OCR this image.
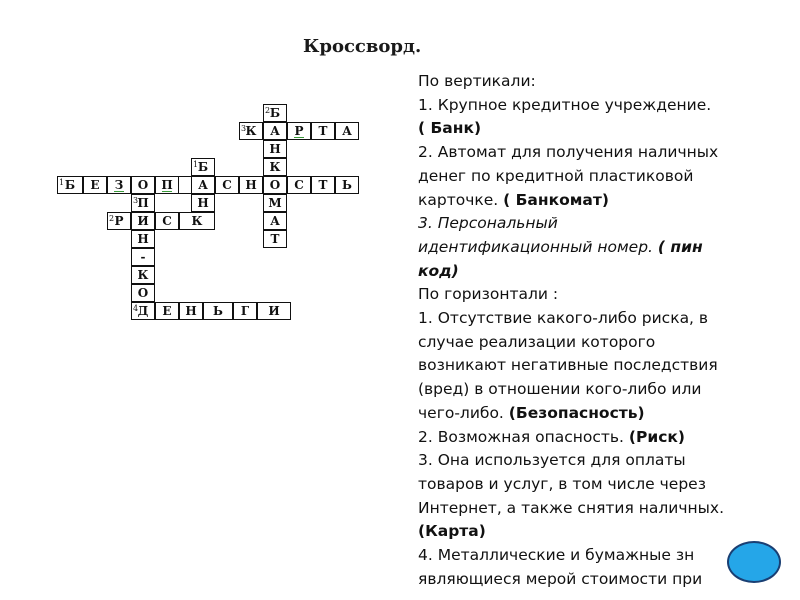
Кроссворд.
2 Б
3 К	А	Р	Т	А
Н
1 Б	К
1 Б	Е	З	О	П	А	С	Н	О	С	Т	Ь
3 П	Н	М
2 Р	И	С	К	А
Н	Т
-
К
О
4 Д	Е	Н	Ь	Г	И
По вертикали:
1. Крупное кредитное учреждение.
( Банк)
2. Автомат для получения наличных
денег по кредитной пластиковой
карточке. ( Банкомат)
3. Персональный
идентификационный номер. ( пин
код)
По горизонтали :
1. Отсутствие какого-либо риска, в
случае реализации которого
возникают негативные последствия
(вред) в отношении кого-либо или
чего-либо. (Безопасность)
2. Возможная опасность. (Риск)
3. Она используется для оплаты
товаров и услуг, в том числе через
Интернет, а также снятия наличных.
(Карта)
4. Металлические и бумажные зн
являющиеся мерой стоимости при
